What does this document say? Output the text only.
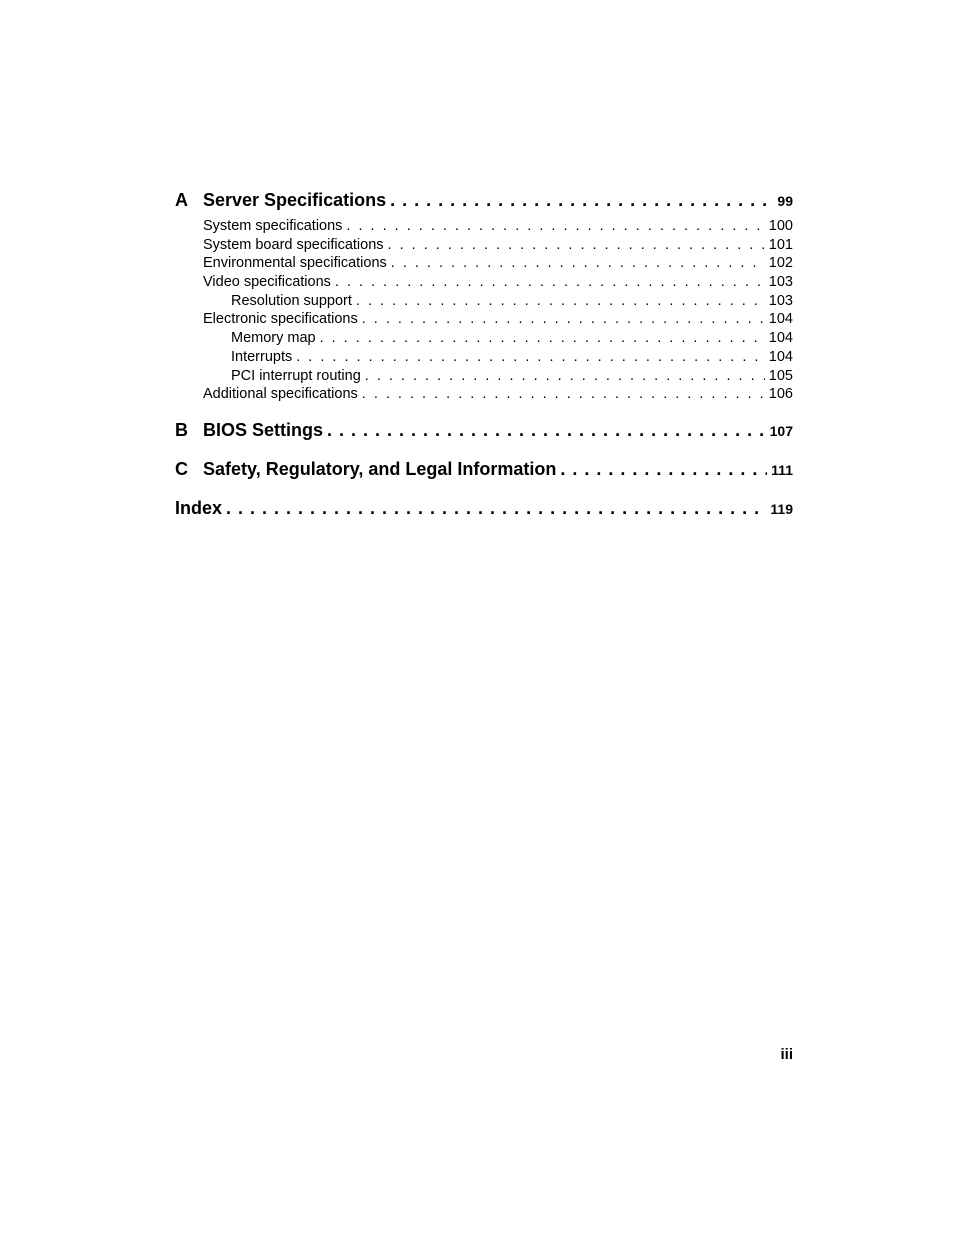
A Server Specifications . . .	99
System specifications . . .	100
System board specifications . . .	101
Environmental specifications . . .	102
Video specifications . . .	103
Resolution support . . .	103
Electronic specifications . . .	104
Memory map . . .	104
Interrupts . . .	104
PCI interrupt routing . . .	105
Additional specifications . . .	106
B BIOS Settings . . .	107
C Safety, Regulatory, and Legal Information . . .	111
Index . . .	119
iii
